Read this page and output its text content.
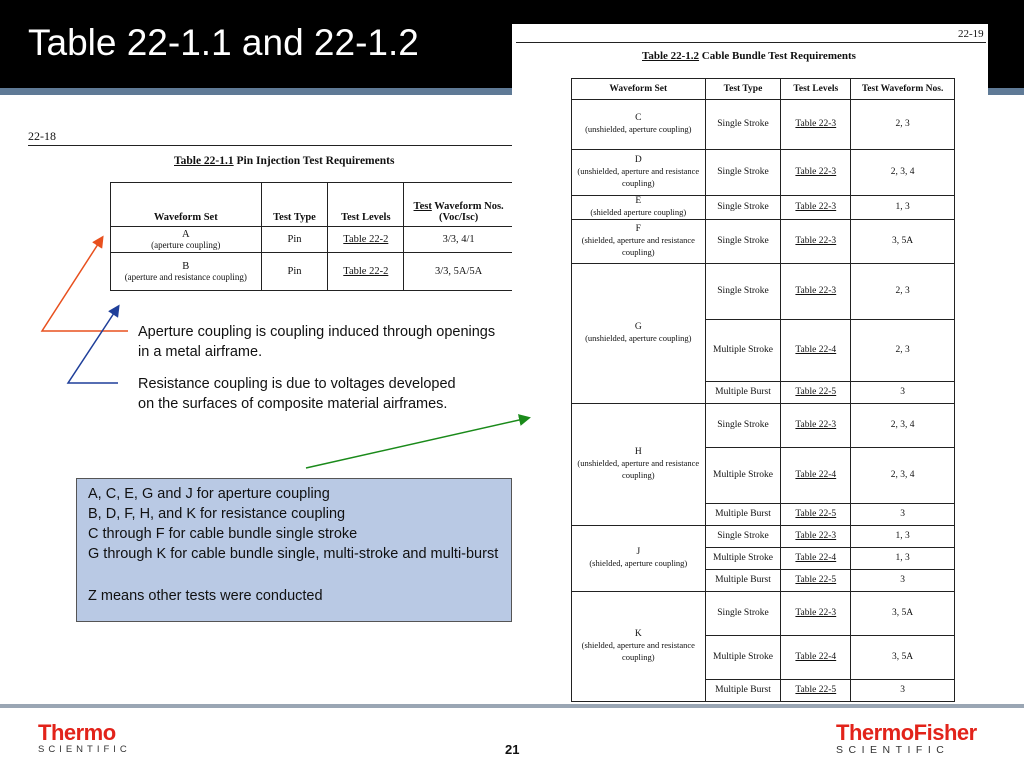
Table 22-1.1 and 22-1.2
22-18
Table 22-1.1 Pin Injection Test Requirements
Waveform Set	Test Type	Test Levels	Test Waveform Nos.
(Voc/Isc)
A
(aperture coupling)	Pin	Table 22-2	3/3, 4/1
B
(aperture and resistance coupling)	Pin	Table 22-2	3/3, 5A/5A
22-19
Table 22-1.2 Cable Bundle Test Requirements
Waveform Set	Test Type	Test Levels	Test Waveform Nos.
C
(unshielded, aperture coupling)	Single Stroke	Table 22-3	2, 3
D
(unshielded, aperture and resistance coupling)	Single Stroke	Table 22-3	2, 3, 4
E
(shielded aperture coupling)	Single Stroke	Table 22-3	1, 3
F
(shielded, aperture and resistance coupling)	Single Stroke	Table 22-3	3, 5A
G
(unshielded, aperture coupling)	Single Stroke	Table 22-3	2, 3
	Multiple Stroke	Table 22-4	2, 3
	Multiple Burst	Table 22-5	3
H
(unshielded, aperture and resistance coupling)	Single Stroke	Table 22-3	2, 3, 4
	Multiple Stroke	Table 22-4	2, 3, 4
	Multiple Burst	Table 22-5	3
J
(shielded, aperture coupling)	Single Stroke	Table 22-3	1, 3
	Multiple Stroke	Table 22-4	1, 3
	Multiple Burst	Table 22-5	3
K
(shielded, aperture and resistance coupling)	Single Stroke	Table 22-3	3, 5A
	Multiple Stroke	Table 22-4	3, 5A
	Multiple Burst	Table 22-5	3
Aperture coupling is coupling induced through openings in a metal airframe.
Resistance coupling is due to voltages developed on the surfaces of composite material airframes.
A, C, E, G and J for aperture coupling
B, D, F, H, and K for resistance coupling
C through F for cable bundle single stroke
G through K for cable bundle single, multi-stroke and multi-burst
Z means other tests were conducted
Thermo
SCIENTIFIC	21
ThermoFisher
SCIENTIFIC
